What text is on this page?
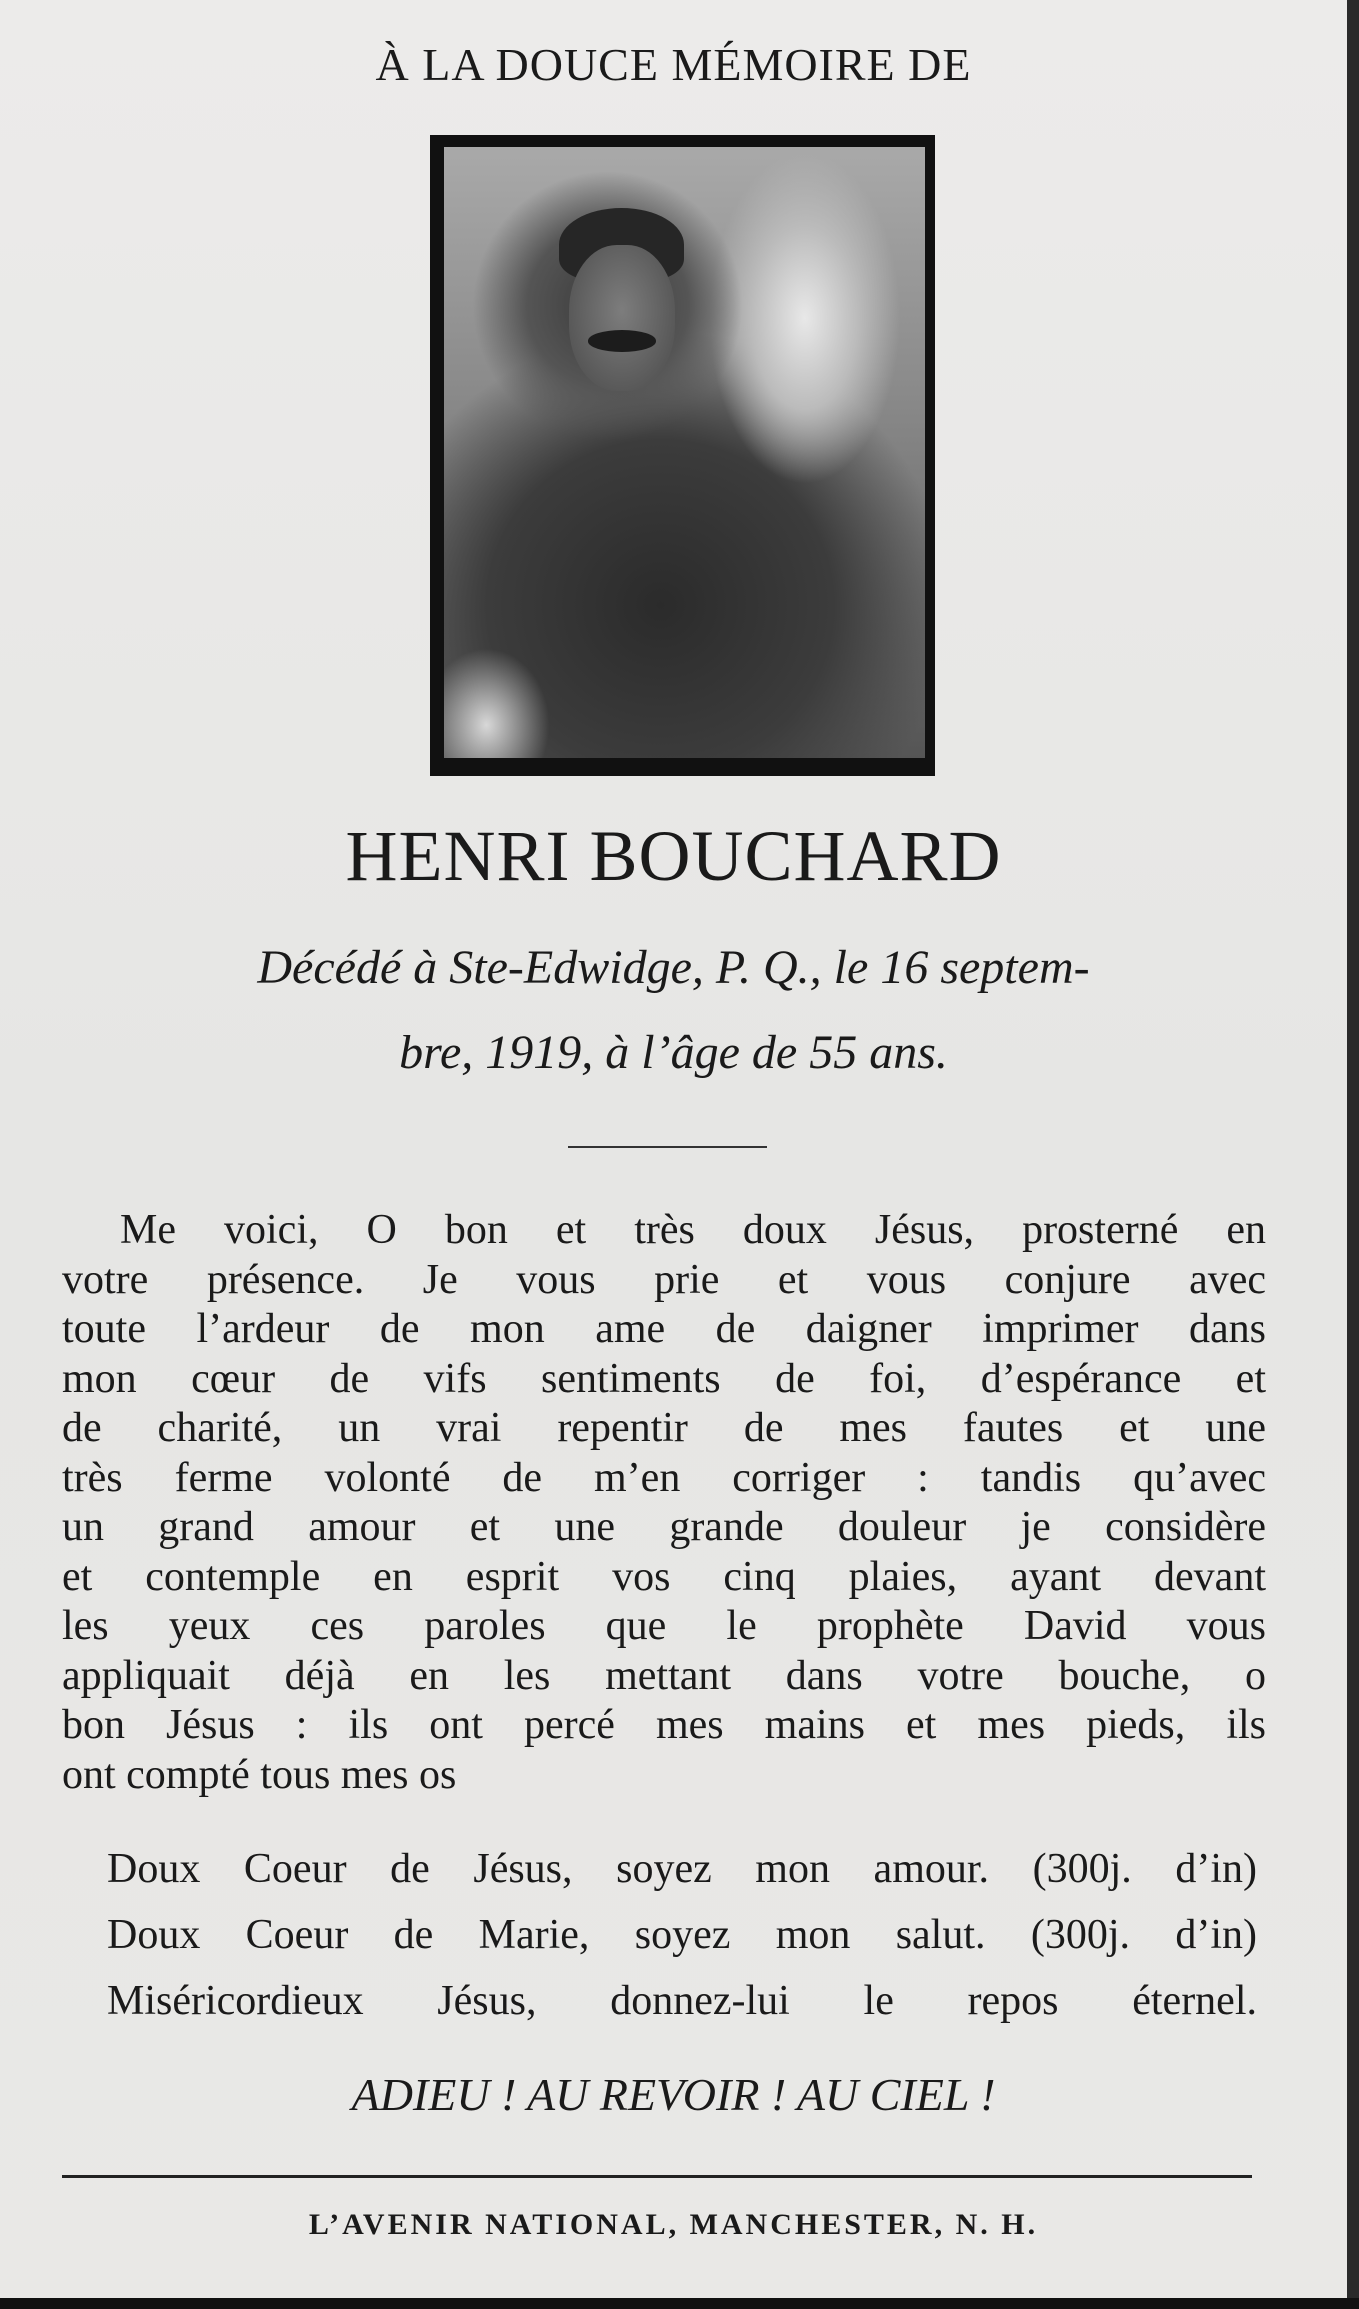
À LA DOUCE MÉMOIRE DE
HENRI BOUCHARD
Décédé à Ste-Edwidge, P. Q., le 16 septem-
bre, 1919, à l’âge de 55 ans.
Me voici, O bon et très doux Jésus, prosterné en
votre présence. Je vous prie et vous conjure avec
toute l’ardeur de mon ame de daigner imprimer dans
mon cœur de vifs sentiments de foi, d’espérance et
de charité, un vrai repentir de mes fautes et une
très ferme volonté de m’en corriger : tandis qu’avec
un grand amour et une grande douleur je considère
et contemple en esprit vos cinq plaies, ayant devant
les yeux ces paroles que le prophète David vous
appliquait déjà en les mettant dans votre bouche, o
bon Jésus : ils ont percé mes mains et mes pieds, ils
ont compté tous mes os
Doux Coeur de Jésus, soyez mon amour. (300j. d’in)
Doux Coeur de Marie, soyez mon salut. (300j. d’in)
Miséricordieux Jésus, donnez-lui le repos éternel.
ADIEU ! AU REVOIR ! AU CIEL !
L’AVENIR NATIONAL, MANCHESTER, N. H.
